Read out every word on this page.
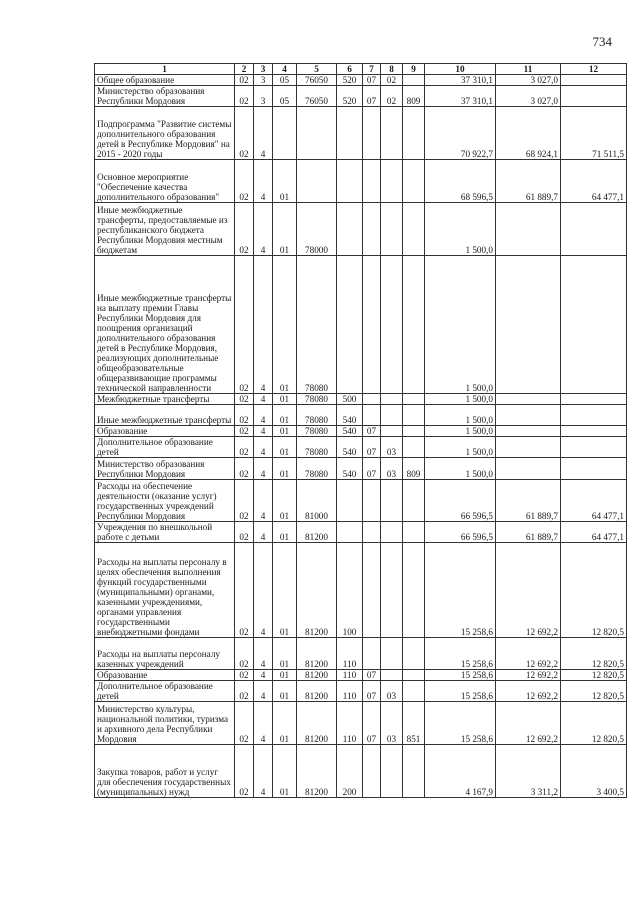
734
1	2	3	4	5	6	7	8	9	10	11	12
Общее образование	02	3	05	76050	520	07	02		37 310,1	3 027,0	
Министерство образования Республики Мордовия	02	3	05	76050	520	07	02	809	37 310,1	3 027,0	
Подпрограмма "Развитие системы дополнительного образования детей в Республике Мордовия" на 2015 - 2020 годы	02	4							70 922,7	68 924,1	71 511,5
Основное мероприятие "Обеспечение качества дополнительного образования"	02	4	01						68 596,5	61 889,7	64 477,1
Иные межбюджетные трансферты, предоставляемые из республиканского бюджета Республики Мордовия местным бюджетам	02	4	01	78000					1 500,0		
Иные межбюджетные трансферты на выплату премии Главы Республики Мордовия для поощрения организаций дополнительного образования детей в Республике Мордовия, реализующих дополнительные общеобразовательные общеразвивающие программы технической направленности	02	4	01	78080					1 500,0		
Межбюджетные трансферты	02	4	01	78080	500				1 500,0		
Иные межбюджетные трансферты	02	4	01	78080	540				1 500,0		
Образование	02	4	01	78080	540	07			1 500,0		
Дополнительное образование детей	02	4	01	78080	540	07	03		1 500,0		
Министерство образования Республики Мордовия	02	4	01	78080	540	07	03	809	1 500,0		
Расходы на обеспечение деятельности (оказание услуг) государственных учреждений Республики Мордовия	02	4	01	81000					66 596,5	61 889,7	64 477,1
Учреждения по внешкольной работе с детьми	02	4	01	81200					66 596,5	61 889,7	64 477,1
Расходы на выплаты персоналу в целях обеспечения выполнения функций государственными (муниципальными) органами, казенными учреждениями, органами управления государственными внебюджетными фондами	02	4	01	81200	100				15 258,6	12 692,2	12 820,5
Расходы на выплаты персоналу казенных учреждений	02	4	01	81200	110				15 258,6	12 692,2	12 820,5
Образование	02	4	01	81200	110	07			15 258,6	12 692,2	12 820,5
Дополнительное образование детей	02	4	01	81200	110	07	03		15 258,6	12 692,2	12 820,5
Министерство культуры, национальной политики, туризма и архивного дела Республики Мордовия	02	4	01	81200	110	07	03	851	15 258,6	12 692,2	12 820,5
Закупка товаров, работ и услуг для обеспечения государственных (муниципальных) нужд	02	4	01	81200	200				4 167,9	3 311,2	3 400,5
